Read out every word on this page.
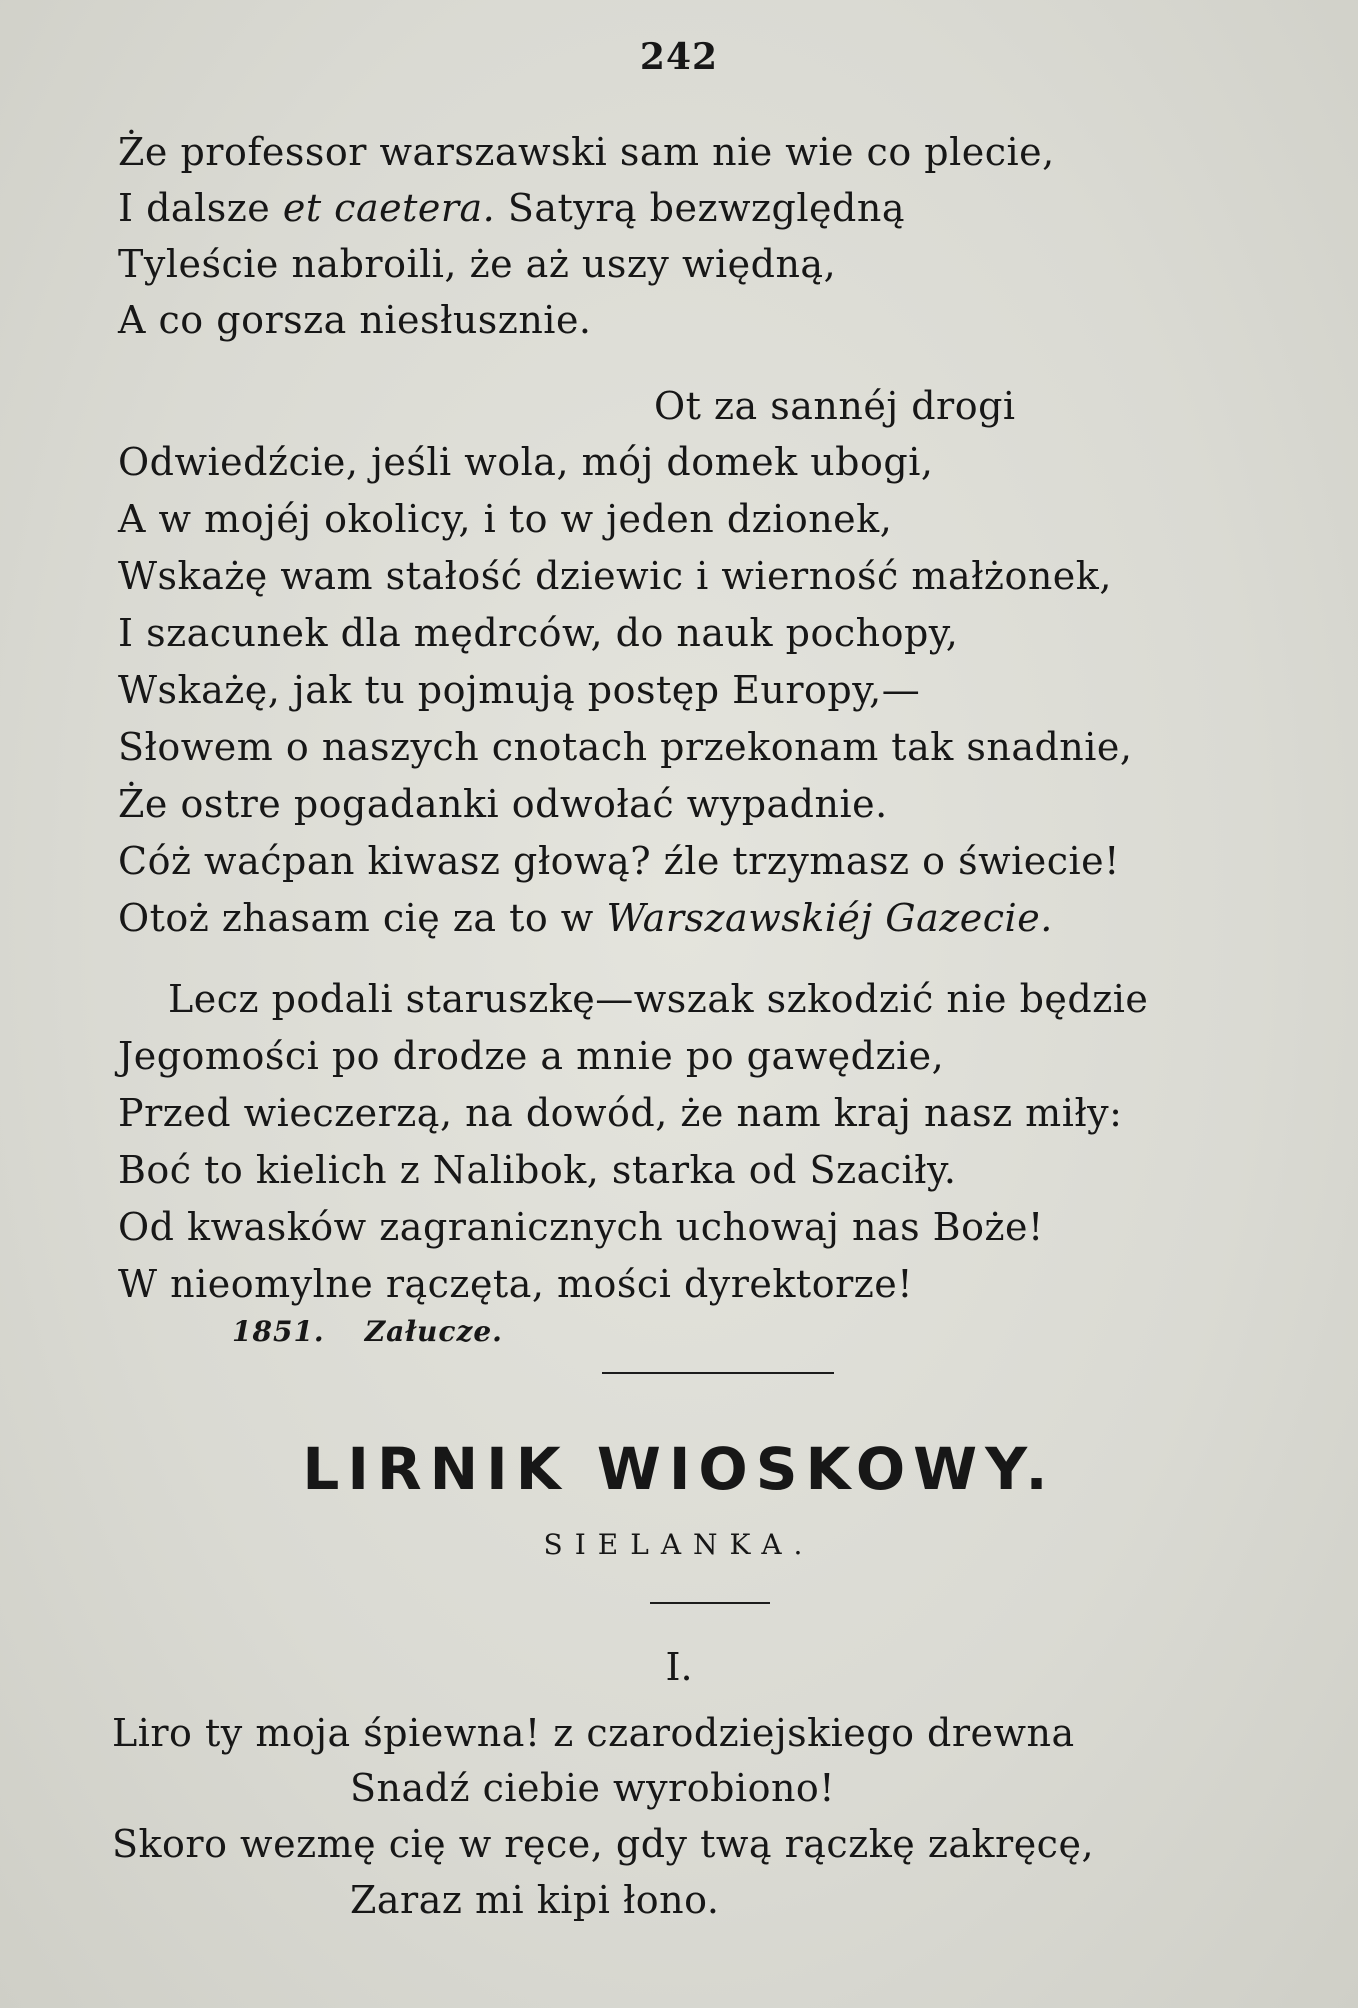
242
Że professor warszawski sam nie wie co plecie,
I dalsze et caetera. Satyrą bezwzględną
Tyleście nabroili, że aż uszy więdną,
A co gorsza niesłusznie.
Ot za sannéj drogi
Odwiedźcie, jeśli wola, mój domek ubogi,
A w mojéj okolicy, i to w jeden dzionek,
Wskażę wam stałość dziewic i wierność małżonek,
I szacunek dla mędrców, do nauk pochopy,
Wskażę, jak tu pojmują postęp Europy,—
Słowem o naszych cnotach przekonam tak snadnie,
Że ostre pogadanki odwołać wypadnie.
Cóż waćpan kiwasz głową? źle trzymasz o świecie!
Otoż zhasam cię za to w Warszawskiéj Gazecie.
Lecz podali staruszkę—wszak szkodzić nie będzie
Jegomości po drodze a mnie po gawędzie,
Przed wieczerzą, na dowód, że nam kraj nasz miły:
Boć to kielich z Nalibok, starka od Szaciły.
Od kwasków zagranicznych uchowaj nas Boże!
W nieomylne rączęta, mości dyrektorze!
1851. Załucze.
LIRNIK WIOSKOWY.
SIELANKA.
I.
Liro ty moja śpiewna! z czarodziejskiego drewna
Snadź ciebie wyrobiono!
Skoro wezmę cię w ręce, gdy twą rączkę zakręcę,
Zaraz mi kipi łono.
